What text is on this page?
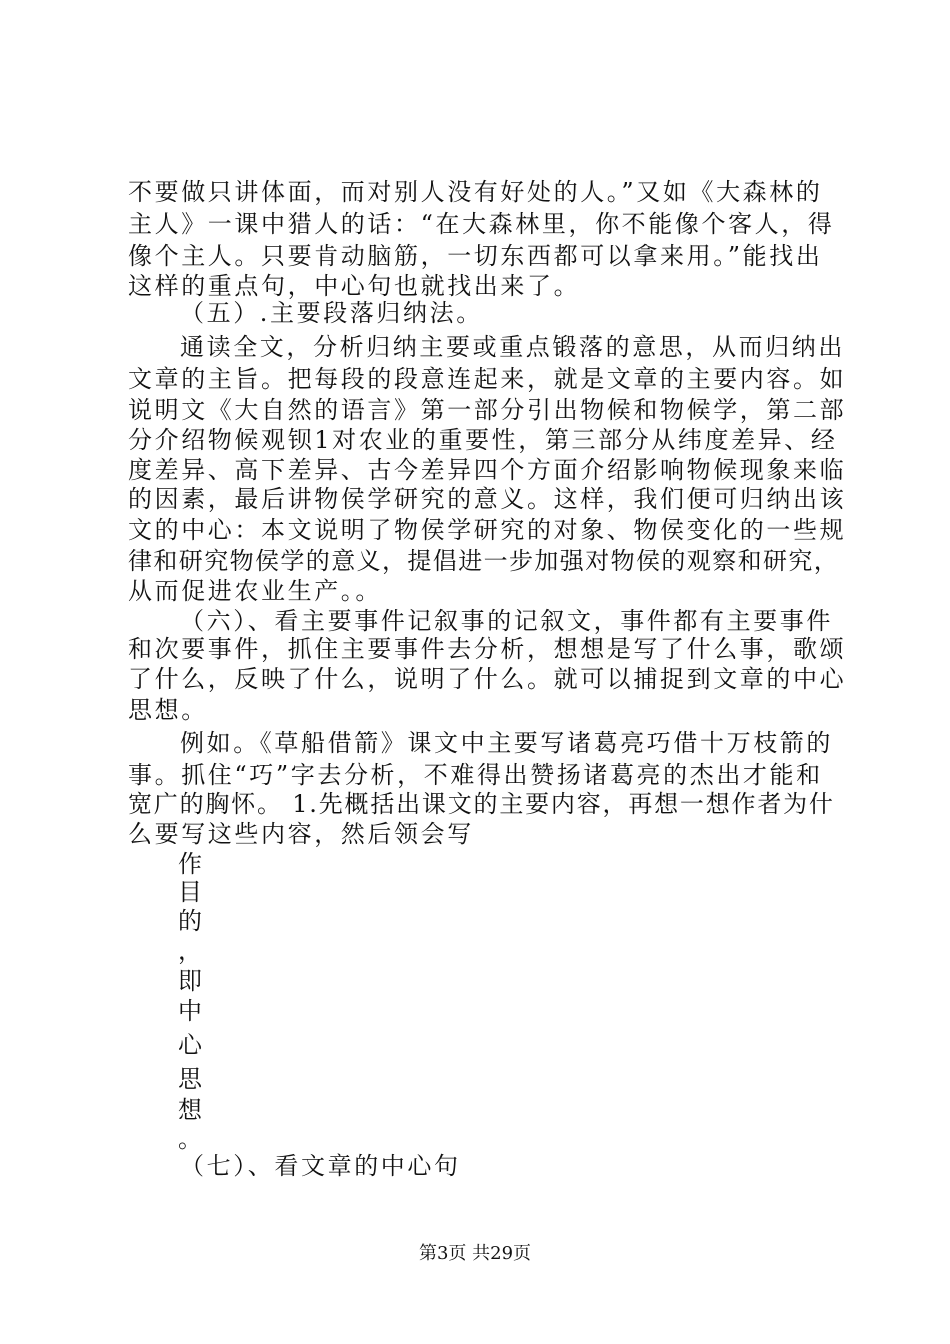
不要做只讲体面，而对别人没有好处的人。”又如《大森林的
主人》一课中猎人的话：“在大森林里，你不能像个客人，得
像个主人。只要肯动脑筋，一切东西都可以拿来用。”能找出
这样的重点句，中心句也就找出来了。
（五）.主要段落归纳法。
通读全文，分析归纳主要或重点锻落的意思，从而归纳出
文章的主旨。把每段的段意连起来，就是文章的主要内容。如
说明文《大自然的语言》第一部分引出物候和物候学，第二部
分介绍物候观钡1对农业的重要性，第三部分从纬度差异、经
度差异、高下差异、古今差异四个方面介绍影响物候现象来临
的因素，最后讲物侯学研究的意义。这样，我们便可归纳出该
文的中心：本文说明了物侯学研究的对象、物侯变化的一些规
律和研究物侯学的意义，提倡进一步加强对物侯的观察和研究，
从而促进农业生产。。
（六）、看主要事件记叙事的记叙文，事件都有主要事件
和次要事件，抓住主要事件去分析，想想是写了什么事，歌颂
了什么，反映了什么，说明了什么。就可以捕捉到文章的中心
思想。
例如。《草船借箭》课文中主要写诸葛亮巧借十万枝箭的
事。抓住“巧”字去分析，不难得出赞扬诸葛亮的杰出才能和
宽广的胸怀。 1.先概括出课文的主要内容，再想一想作者为什
么要写这些内容，然后领会写
作
目
的
，
即
中
心
思
想
。
（七）、看文章的中心句
第3页 共29页
